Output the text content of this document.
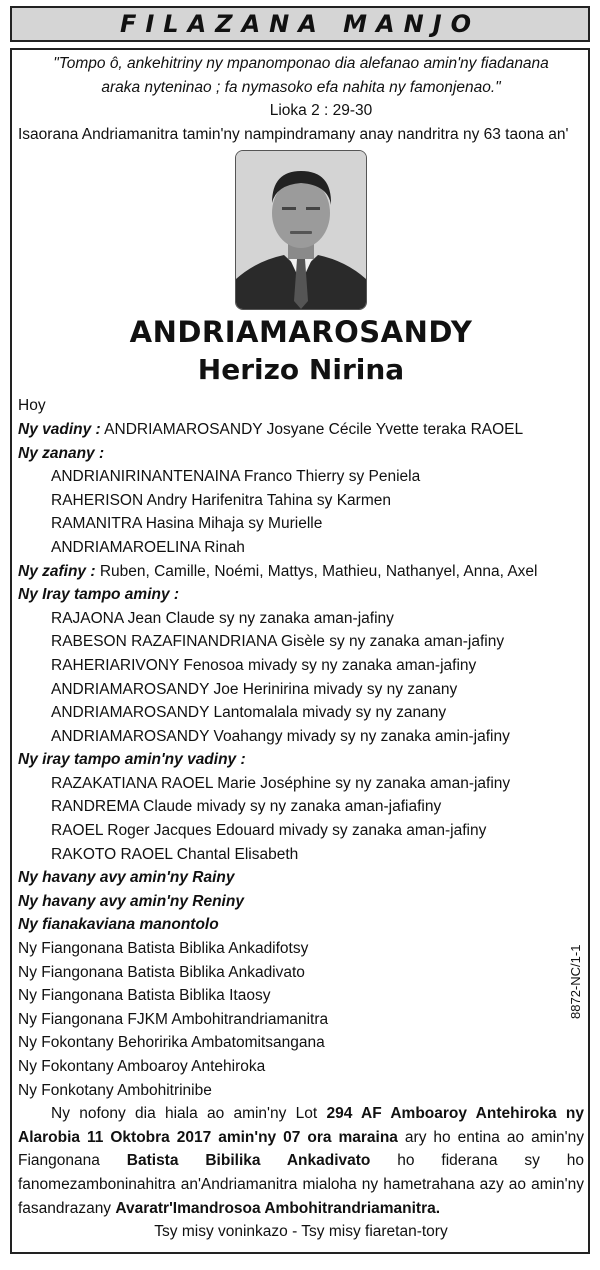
FILAZANA MANJO

"Tompo ô, ankehitriny ny mpanomponao dia alefanao amin'ny fiadanana

araka nyteninao ; fa nymasoko efa nahita ny famonjenao."

Lioka 2 : 29-30

Isaorana Andriamanitra tamin'ny nampindramany anay nandritra ny 63 taona an'

ANDRIAMAROSANDY

Herizo Nirina

Hoy

Ny vadiny : ANDRIAMAROSANDY Josyane Cécile Yvette teraka RAOEL

Ny zanany :

ANDRIANIRINANTENAINA Franco Thierry sy Peniela

RAHERISON Andry Harifenitra Tahina sy Karmen

RAMANITRA Hasina Mihaja sy Murielle

ANDRIAMAROELINA Rinah

Ny zafiny : Ruben, Camille, Noémi, Mattys, Mathieu, Nathanyel, Anna, Axel

Ny Iray tampo aminy :

RAJAONA Jean Claude sy ny zanaka aman-jafiny

RABESON RAZAFINANDRIANA Gisèle sy ny zanaka aman-jafiny

RAHERIARIVONY Fenosoa mivady sy ny zanaka aman-jafiny

ANDRIAMAROSANDY Joe Herinirina mivady sy ny zanany

ANDRIAMAROSANDY Lantomalala mivady sy ny zanany

ANDRIAMAROSANDY Voahangy mivady sy ny zanaka amin-jafiny

Ny iray tampo amin'ny vadiny :

RAZAKATIANA RAOEL Marie Joséphine sy ny zanaka aman-jafiny

RANDREMA Claude mivady sy ny zanaka aman-jafiafiny

RAOEL Roger Jacques Edouard mivady sy zanaka aman-jafiny

RAKOTO RAOEL Chantal Elisabeth

Ny havany avy amin'ny Rainy

Ny havany avy amin'ny Reniny

Ny fianakaviana manontolo

Ny Fiangonana Batista Biblika Ankadifotsy

Ny Fiangonana Batista Biblika Ankadivato

Ny Fiangonana Batista Biblika Itaosy

Ny Fiangonana FJKM Ambohitrandriamanitra

Ny Fokontany Behoririka Ambatomitsangana

Ny Fokontany Amboaroy Antehiroka

Ny Fonkotany Ambohitrinibe

Ny nofony dia hiala ao amin'ny Lot 294 AF Amboaroy Antehiroka ny Alarobia 11 Oktobra 2017 amin'ny 07 ora maraina ary ho entina ao amin'ny Fiangonana Batista Bibilika Ankadivato ho fiderana sy ho fanomezamboninahitra an'Andriamanitra mialoha ny hametrahana azy ao amin'ny fasandrazany Avaratr'Imandrosoa Ambohitrandriamanitra.

Tsy misy voninkazo - Tsy misy fiaretan-tory

8872-NC/1-1
